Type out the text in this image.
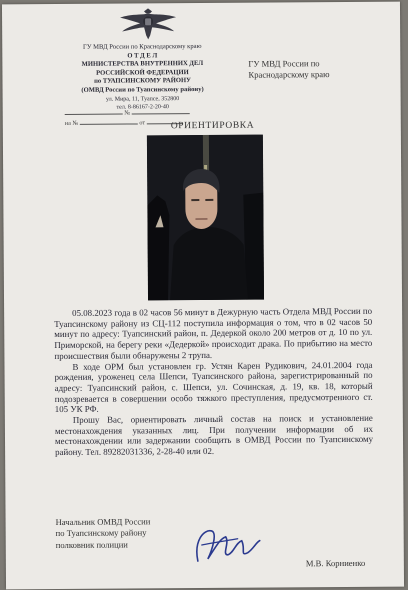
ГУ МВД России по Краснодарскому краю
О Т Д Е Л
МИНИСТЕРСТВА ВНУТРЕННИХ ДЕЛ
РОССИЙСКОЙ ФЕДЕРАЦИИ
по ТУАПСИНСКОМУ РАЙОНУ
(ОМВД России по Туапсинскому району)
ул. Мира, 11, Туапсе, 352800
тел. 8-86167-2-20-40
№
на №	от
ГУ МВД России по
Краснодарскому краю
ОРИЕНТИРОВКА

05.08.2023 года в 02 часов 56 минут в Дежурную часть Отдела МВД России по Туапсинскому району из СЦ-112 поступила информация о том, что в 02 часов 50 минут по адресу: Туапсинский район, п. Дедеркой около 200 метров от д. 10 по ул. Приморской, на берегу реки «Дедеркой» происходит драка. По прибытию на место происшествия были обнаружены 2 трупа.

В ходе ОРМ был установлен гр. Устян Карен Рудикович, 24.01.2004 года рождения, уроженец села Шепси, Туапсинского района, зарегистрированный по адресу: Туапсинский район, с. Шепси, ул. Сочинская, д. 19, кв. 18, который подозревается в совершении особо тяжкого преступления, предусмотренного ст. 105 УК РФ.

Прошу Вас, ориентировать личный состав на поиск и установление местонахождения указанных лиц. При получении информации об их местонахождении или задержании сообщить в ОМВД России по Туапсинскому району. Тел. 89282031336, 2-28-40 или 02.

Начальник ОМВД России
по Туапсинскому району
полковник полиции
М.В. Корниенко
